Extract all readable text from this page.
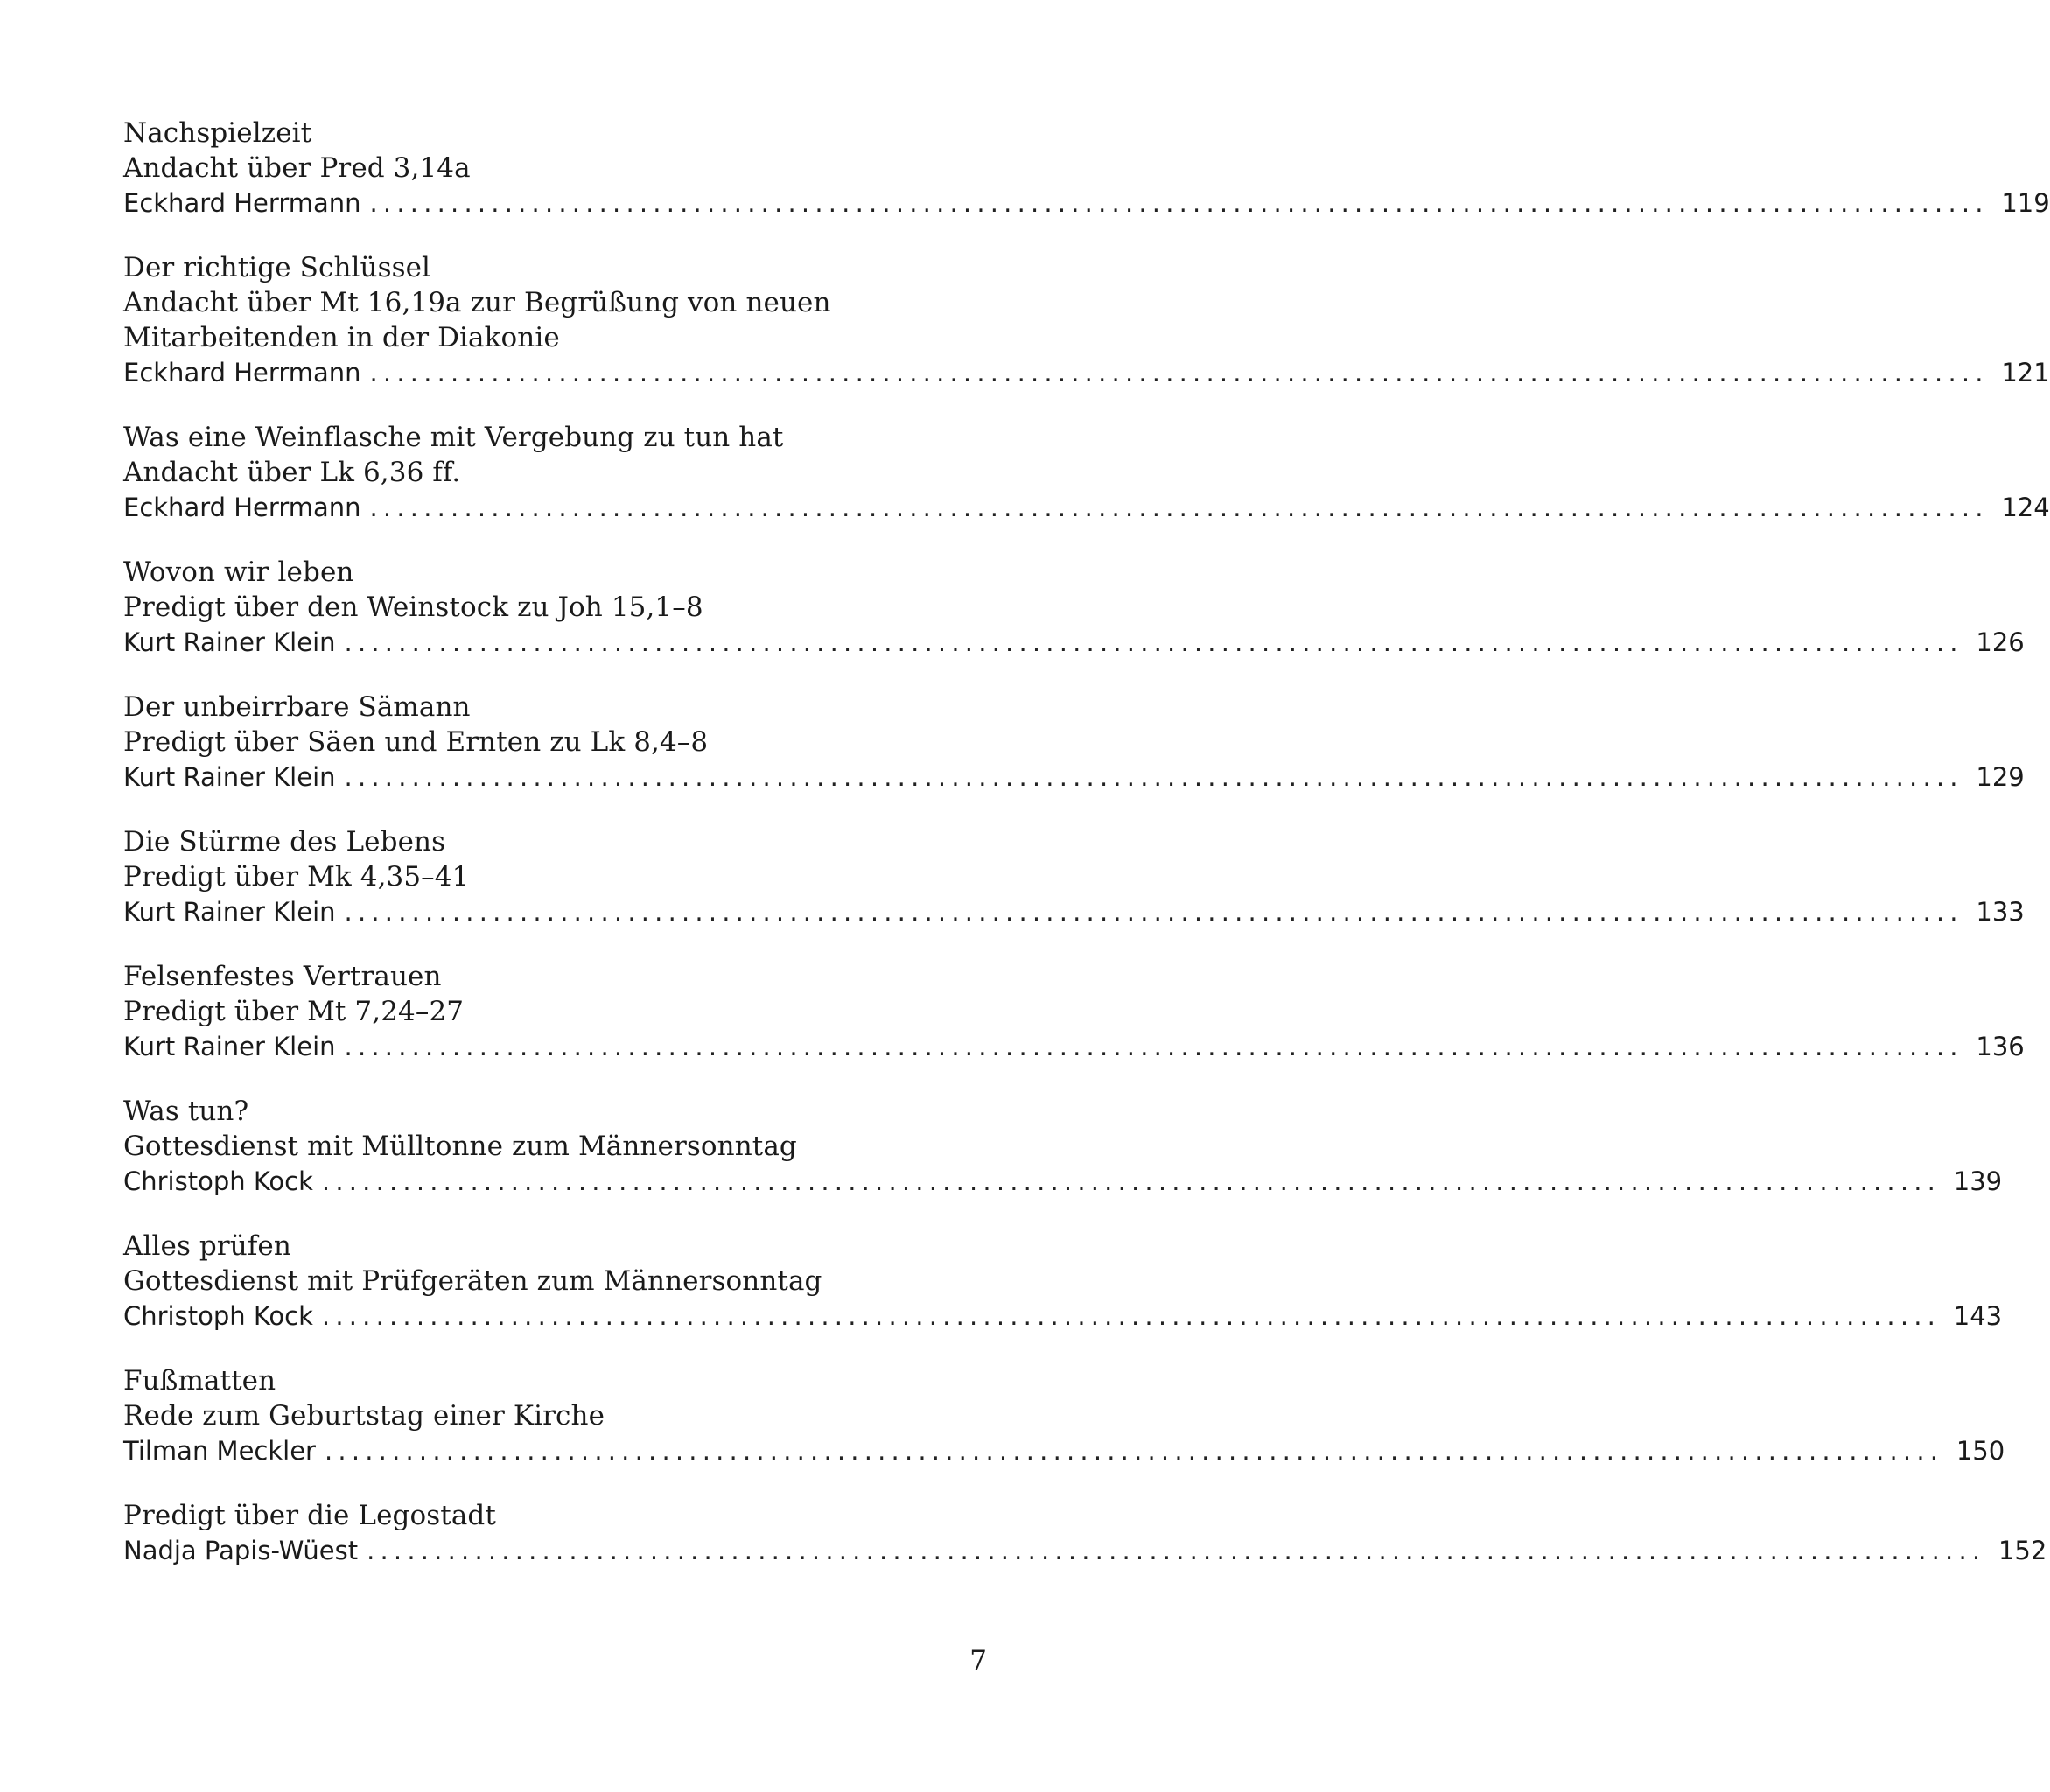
Nachspielzeit
Andacht über Pred 3,14a
Eckhard Herrmann ........................................................................................................................ 119
Der richtige Schlüssel
Andacht über Mt 16,19a zur Begrüßung von neuen
Mitarbeitenden in der Diakonie
Eckhard Herrmann ........................................................................................................................ 121
Was eine Weinflasche mit Vergebung zu tun hat
Andacht über Lk 6,36 ff.
Eckhard Herrmann ........................................................................................................................ 124
Wovon wir leben
Predigt über den Weinstock zu Joh 15,1–8
Kurt Rainer Klein ........................................................................................................................ 126
Der unbeirrbare Sämann
Predigt über Säen und Ernten zu Lk 8,4–8
Kurt Rainer Klein ........................................................................................................................ 129
Die Stürme des Lebens
Predigt über Mk 4,35–41
Kurt Rainer Klein ........................................................................................................................ 133
Felsenfestes Vertrauen
Predigt über Mt 7,24–27
Kurt Rainer Klein ........................................................................................................................ 136
Was tun?
Gottesdienst mit Mülltonne zum Männersonntag
Christoph Kock ........................................................................................................................ 139
Alles prüfen
Gottesdienst mit Prüfgeräten zum Männersonntag
Christoph Kock ........................................................................................................................ 143
Fußmatten
Rede zum Geburtstag einer Kirche
Tilman Meckler ........................................................................................................................ 150
Predigt über die Legostadt
Nadja Papis-Wüest ........................................................................................................................ 152
7
